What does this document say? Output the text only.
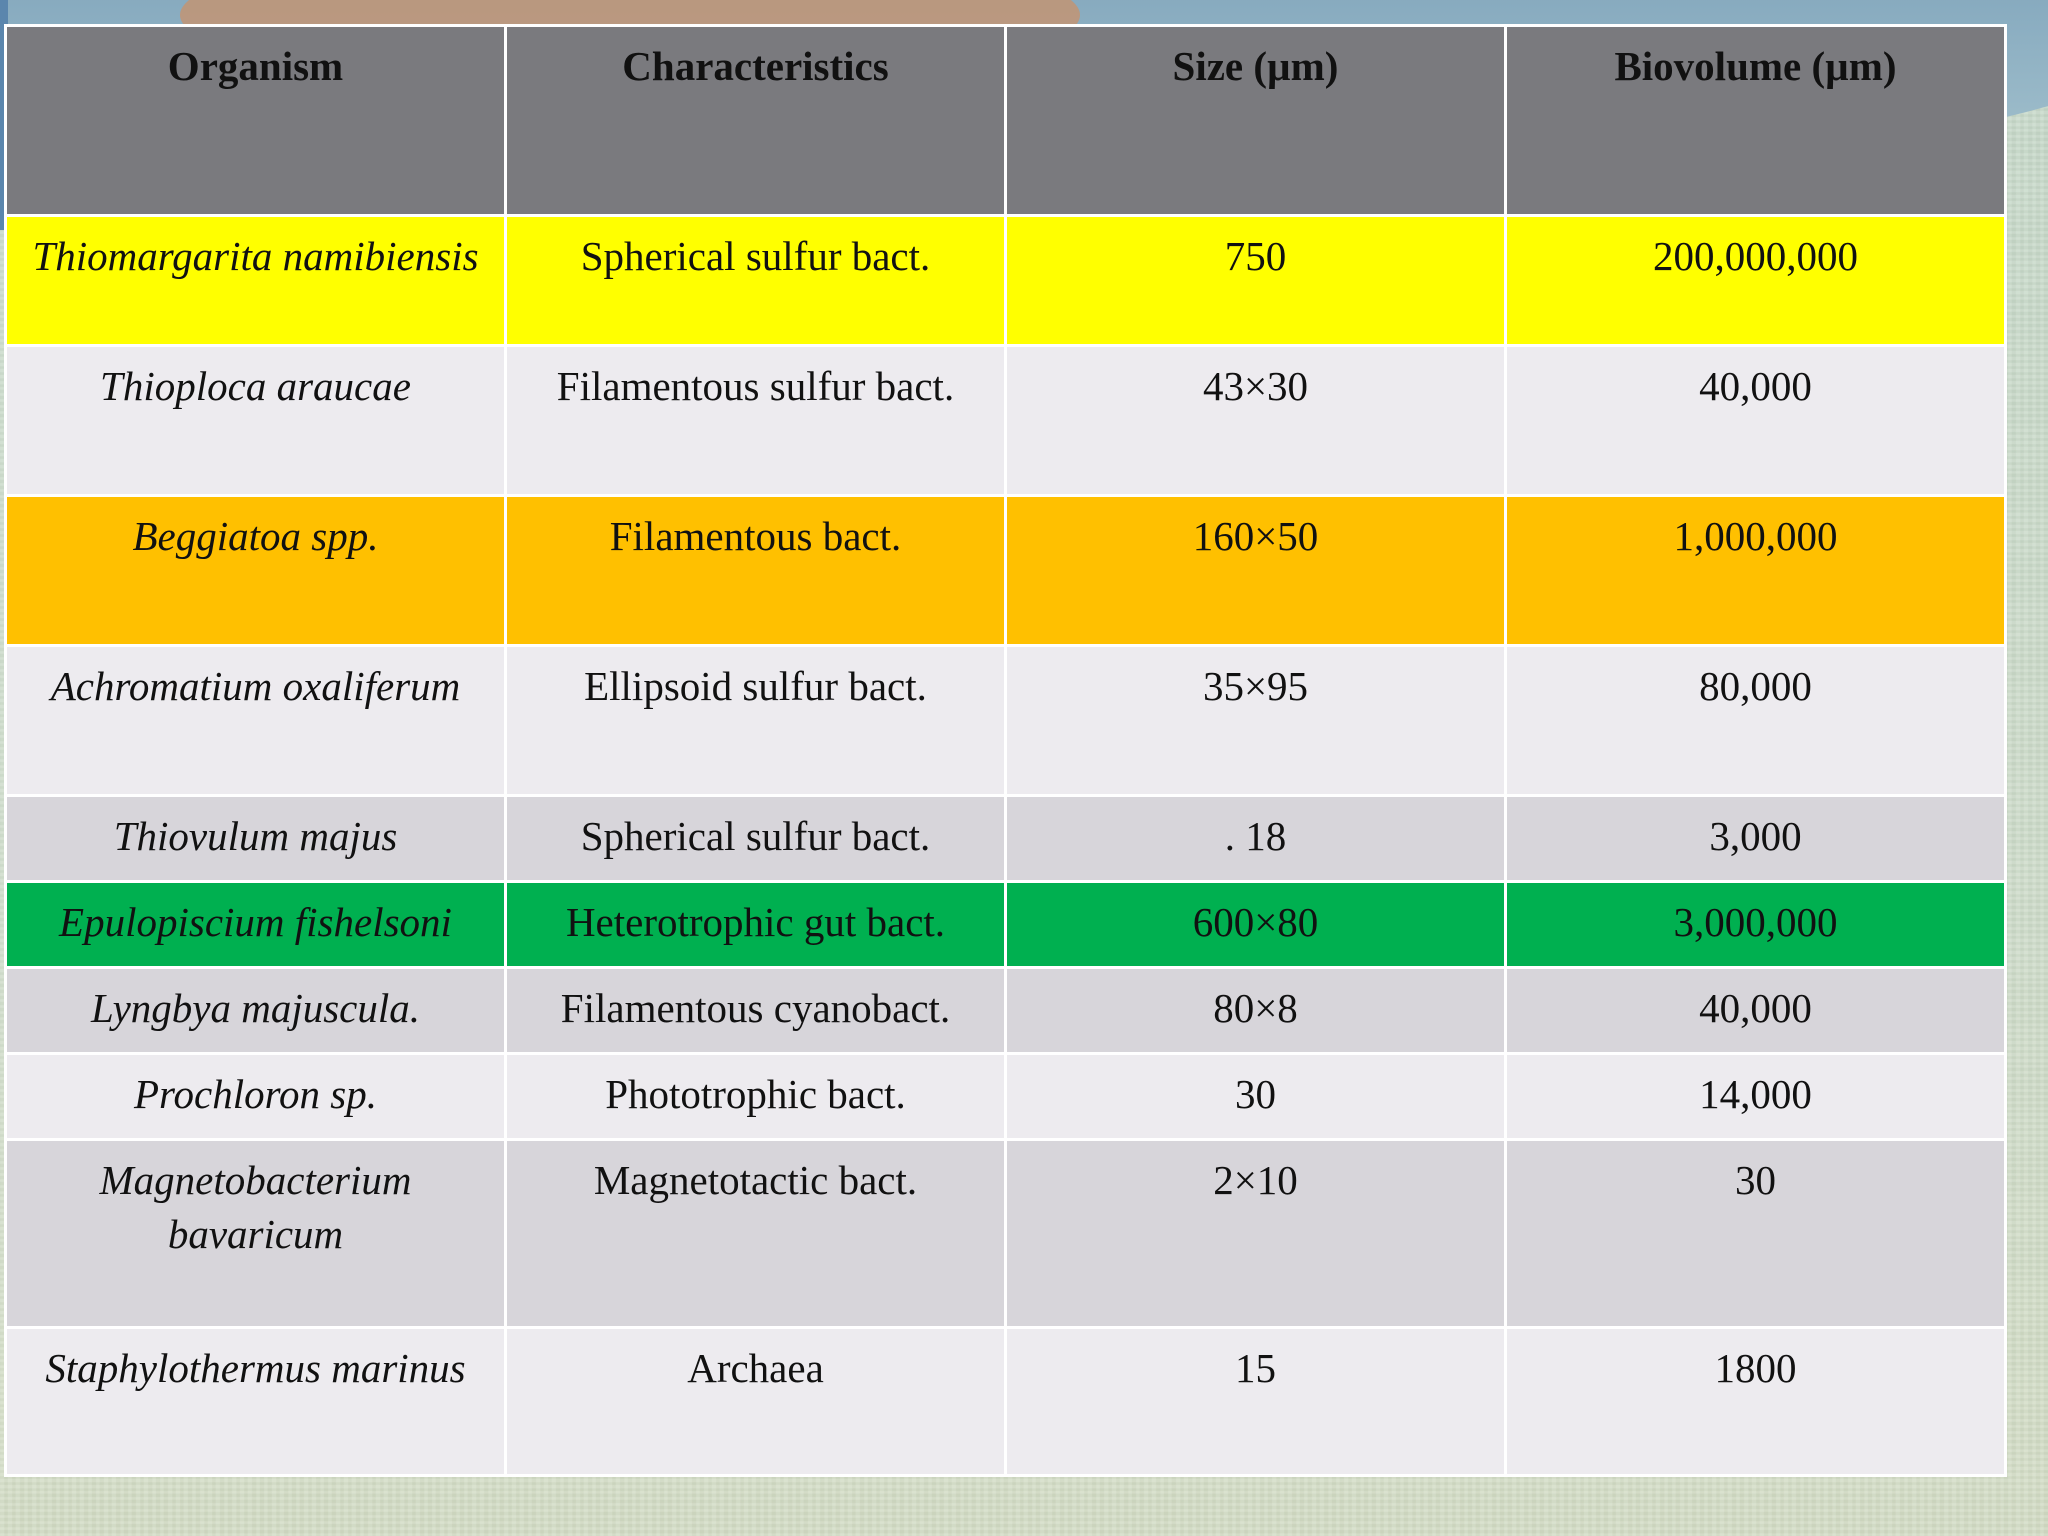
Organism	Characteristics	Size (µm)	Biovolume (µm)
Thiomargarita namibiensis	Spherical sulfur bact.	750	200,000,000
Thioploca araucae	Filamentous sulfur bact.	43×30	40,000
Beggiatoa spp.	Filamentous bact.	160×50	1,000,000
Achromatium oxaliferum	Ellipsoid sulfur bact.	35×95	80,000
Thiovulum majus	Spherical sulfur bact.	. 18	3,000
Epulopiscium fishelsoni	Heterotrophic gut bact.	600×80	3,000,000
Lyngbya majuscula.	Filamentous cyanobact.	80×8	40,000
Prochloron sp.	Phototrophic bact.	30	14,000
Magnetobacterium bavaricum	Magnetotactic bact.	2×10	30
Staphylothermus marinus	Archaea	15	1800
